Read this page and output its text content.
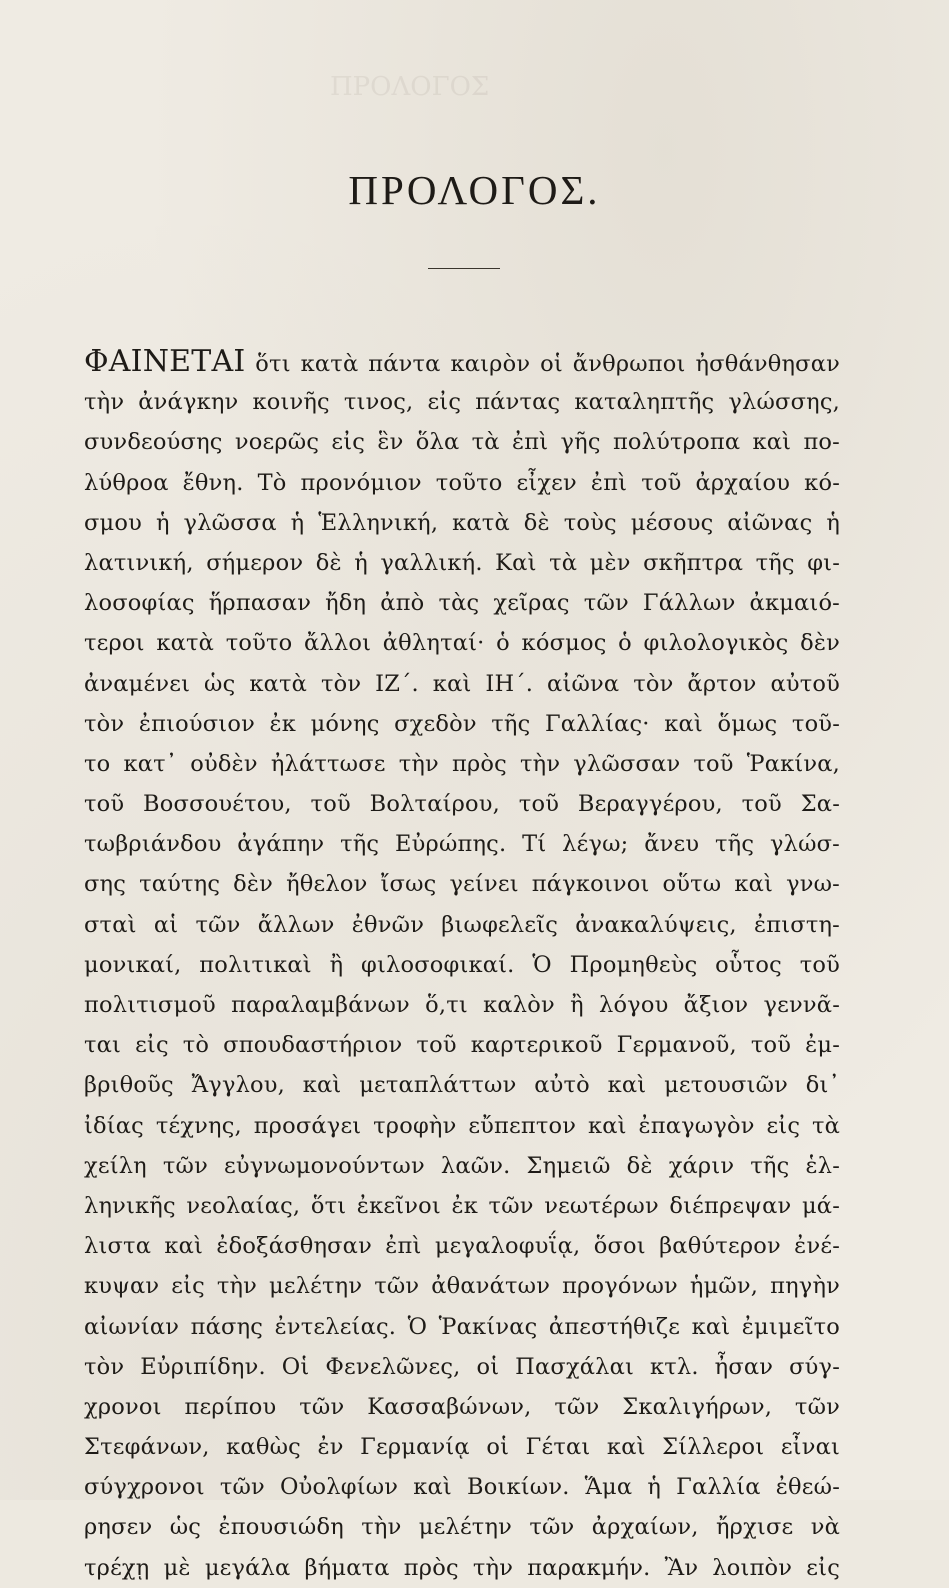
ΠΡΟΛΟΓΟΣ
ΠΡΟΛΟΓΟΣ.
ΦΑΙΝΕΤΑΙ ὅτι κατὰ πάντα καιρὸν οἱ ἄνθρωποι ἠσθάνθησαν
τὴν ἀνάγκην κοινῆς τινος, εἰς πάντας καταληπτῆς γλώσσης,
συνδεούσης νοερῶς εἰς ἓν ὅλα τὰ ἐπὶ γῆς πολύτροπα καὶ πο-
λύθροα ἔθνη. Τὸ προνόμιον τοῦτο εἶχεν ἐπὶ τοῦ ἀρχαίου κό-
σμου ἡ γλῶσσα ἡ Ἑλληνική, κατὰ δὲ τοὺς μέσους αἰῶνας ἡ
λατινική, σήμερον δὲ ἡ γαλλική. Καὶ τὰ μὲν σκῆπτρα τῆς φι-
λοσοφίας ἥρπασαν ἤδη ἀπὸ τὰς χεῖρας τῶν Γάλλων ἀκμαιό-
τεροι κατὰ τοῦτο ἄλλοι ἀθληταί· ὁ κόσμος ὁ φιλολογικὸς δὲν
ἀναμένει ὡς κατὰ τὸν ΙΖ΄. καὶ ΙΗ΄. αἰῶνα τὸν ἄρτον αὐτοῦ
τὸν ἐπιούσιον ἐκ μόνης σχεδὸν τῆς Γαλλίας· καὶ ὅμως τοῦ-
το κατ᾽ οὐδὲν ἠλάττωσε τὴν πρὸς τὴν γλῶσσαν τοῦ Ῥακίνα,
τοῦ Βοσσουέτου, τοῦ Βολταίρου, τοῦ Βεραγγέρου, τοῦ Σα-
τωβριάνδου ἀγάπην τῆς Εὐρώπης. Τί λέγω; ἄνευ τῆς γλώσ-
σης ταύτης δὲν ἤθελον ἴσως γείνει πάγκοινοι οὕτω καὶ γνω-
σταὶ αἱ τῶν ἄλλων ἐθνῶν βιωφελεῖς ἀνακαλύψεις, ἐπιστη-
μονικαί, πολιτικαὶ ἢ φιλοσοφικαί. Ὁ Προμηθεὺς οὗτος τοῦ
πολιτισμοῦ παραλαμβάνων ὅ,τι καλὸν ἢ λόγου ἄξιον γεννᾶ-
ται εἰς τὸ σπουδαστήριον τοῦ καρτερικοῦ Γερμανοῦ, τοῦ ἐμ-
βριθοῦς Ἄγγλου, καὶ μεταπλάττων αὐτὸ καὶ μετουσιῶν δι᾽
ἰδίας τέχνης, προσάγει τροφὴν εὔπεπτον καὶ ἐπαγωγὸν εἰς τὰ
χείλη τῶν εὐγνωμονούντων λαῶν. Σημειῶ δὲ χάριν τῆς ἑλ-
ληνικῆς νεολαίας, ὅτι ἐκεῖνοι ἐκ τῶν νεωτέρων διέπρεψαν μά-
λιστα καὶ ἐδοξάσθησαν ἐπὶ μεγαλοφυΐᾳ, ὅσοι βαθύτερον ἐνέ-
κυψαν εἰς τὴν μελέτην τῶν ἀθανάτων προγόνων ἡμῶν, πηγὴν
αἰωνίαν πάσης ἐντελείας. Ὁ Ῥακίνας ἀπεστήθιζε καὶ ἐμιμεῖτο
τὸν Εὐριπίδην. Οἱ Φενελῶνες, οἱ Πασχάλαι κτλ. ἦσαν σύγ-
χρονοι περίπου τῶν Κασσαβώνων, τῶν Σκαλιγήρων, τῶν
Στεφάνων, καθὼς ἐν Γερμανίᾳ οἱ Γέται καὶ Σίλλεροι εἶναι
σύγχρονοι τῶν Οὐολφίων καὶ Βοικίων. Ἅμα ἡ Γαλλία ἐθεώ-
ρησεν ὡς ἐπουσιώδη τὴν μελέτην τῶν ἀρχαίων, ἤρχισε νὰ
τρέχῃ μὲ μεγάλα βήματα πρὸς τὴν παρακμήν. Ἂν λοιπὸν εἰς
